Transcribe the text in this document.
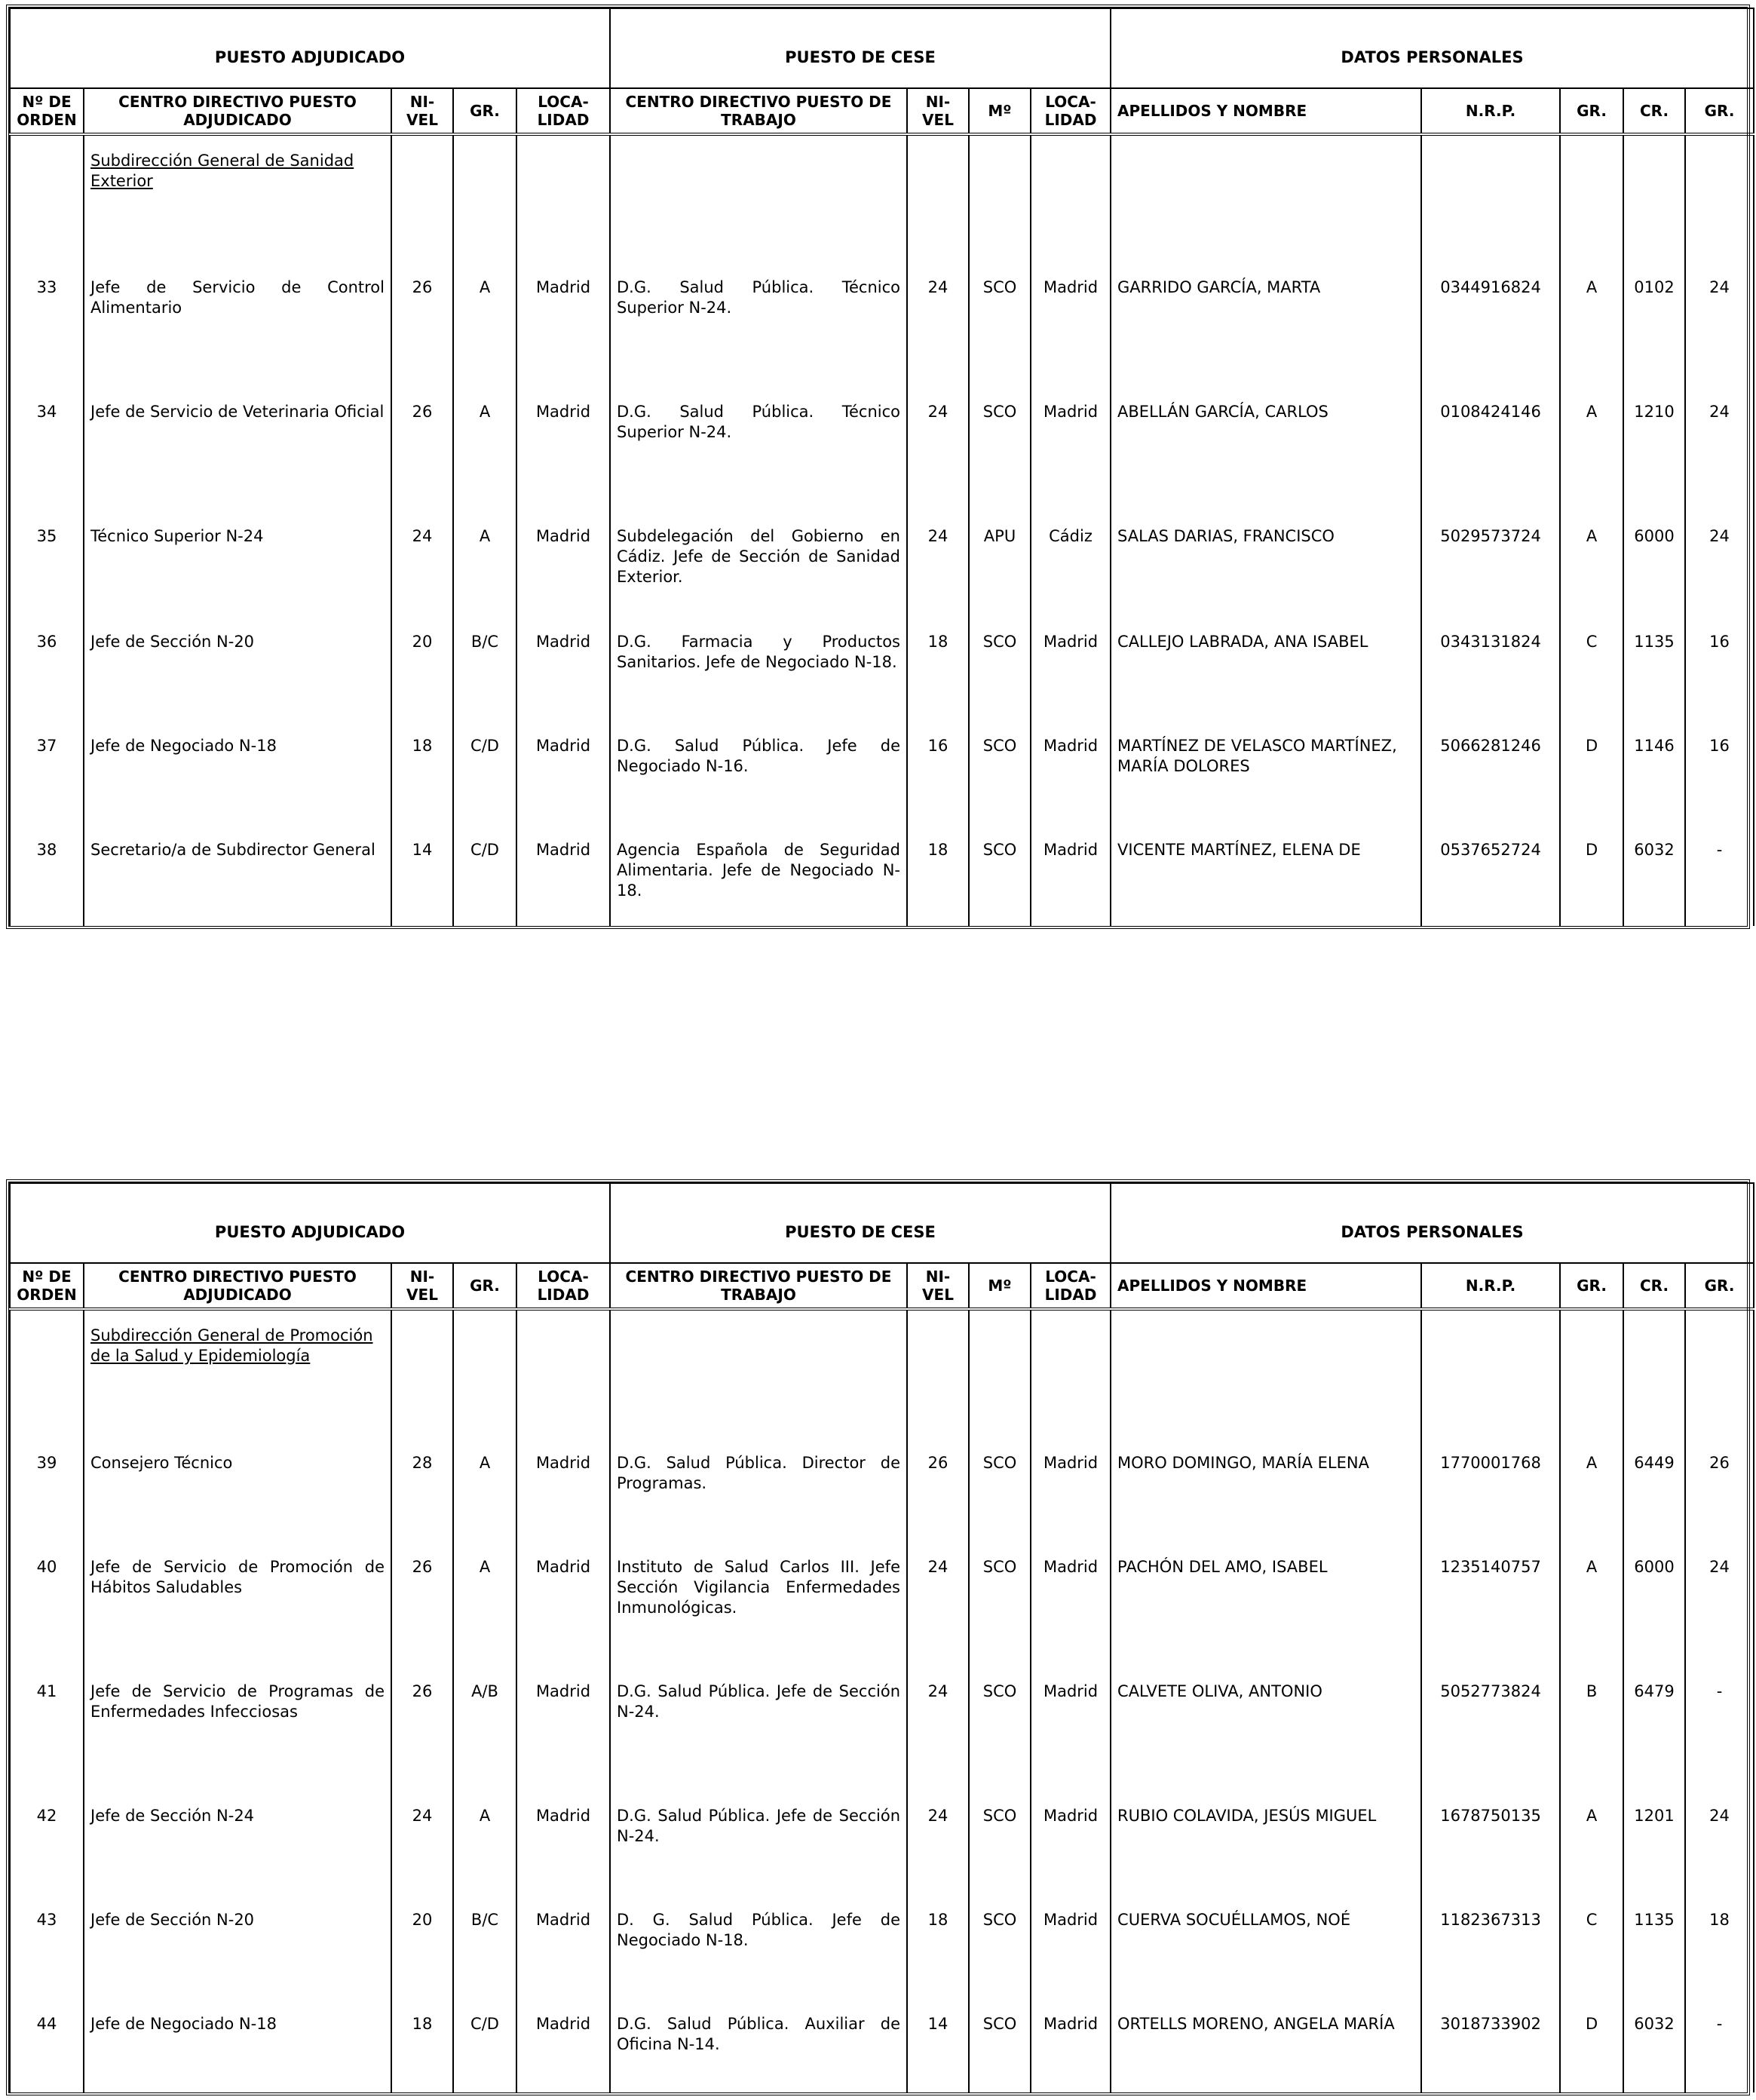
PUESTO ADJUDICADO					PUESTO DE CESE				DATOS PERSONALES				
Nº DE ORDEN	CENTRO DIRECTIVO PUESTO ADJUDICADO	NI- VEL	GR.	LOCA- LIDAD	CENTRO DIRECTIVO PUESTO DE TRABAJO	NI- VEL	Mº	LOCA- LIDAD	APELLIDOS Y NOMBRE	N.R.P.	GR.	CR.	GR.

	Subdirección General de Sanidad Exterior												

33	Jefe de Servicio de Control Alimentario	26	A	Madrid	D.G. Salud Pública. Técnico Superior N-24.	24	SCO	Madrid	GARRIDO GARCÍA, MARTA	0344916824	A	0102	24
34	Jefe de Servicio de Veterinaria Oficial	26	A	Madrid	D.G. Salud Pública. Técnico Superior N-24.	24	SCO	Madrid	ABELLÁN GARCÍA, CARLOS	0108424146	A	1210	24
35	Técnico Superior N-24	24	A	Madrid	Subdelegación del Gobierno en Cádiz. Jefe de Sección de Sanidad Exterior.	24	APU	Cádiz	SALAS DARIAS, FRANCISCO	5029573724	A	6000	24
36	Jefe de Sección N-20	20	B/C	Madrid	D.G. Farmacia y Productos Sanitarios. Jefe de Negociado N-18.	18	SCO	Madrid	CALLEJO LABRADA, ANA ISABEL	0343131824	C	1135	16
37	Jefe de Negociado N-18	18	C/D	Madrid	D.G. Salud Pública. Jefe de Negociado N-16.	16	SCO	Madrid	MARTÍNEZ DE VELASCO MARTÍNEZ, MARÍA DOLORES	5066281246	D	1146	16
38	Secretario/a de Subdirector General	14	C/D	Madrid	Agencia Española de Seguridad Alimentaria. Jefe de Negociado N-18.	18	SCO	Madrid	VICENTE MARTÍNEZ, ELENA DE	0537652724	D	6032	-

PUESTO ADJUDICADO					PUESTO DE CESE				DATOS PERSONALES				
Nº DE ORDEN	CENTRO DIRECTIVO PUESTO ADJUDICADO	NI- VEL	GR.	LOCA- LIDAD	CENTRO DIRECTIVO PUESTO DE TRABAJO	NI- VEL	Mº	LOCA- LIDAD	APELLIDOS Y NOMBRE	N.R.P.	GR.	CR.	GR.

	Subdirección General de Promoción de la Salud y Epidemiología												

39	Consejero Técnico	28	A	Madrid	D.G. Salud Pública. Director de Programas.	26	SCO	Madrid	MORO DOMINGO, MARÍA ELENA	1770001768	A	6449	26
40	Jefe de Servicio de Promoción de Hábitos Saludables	26	A	Madrid	Instituto de Salud Carlos III. Jefe Sección Vigilancia Enfermedades Inmunológicas.	24	SCO	Madrid	PACHÓN DEL AMO, ISABEL	1235140757	A	6000	24
41	Jefe de Servicio de Programas de Enfermedades Infecciosas	26	A/B	Madrid	D.G. Salud Pública. Jefe de Sección N-24.	24	SCO	Madrid	CALVETE OLIVA, ANTONIO	5052773824	B	6479	-
42	Jefe de Sección N-24	24	A	Madrid	D.G. Salud Pública. Jefe de Sección N-24.	24	SCO	Madrid	RUBIO COLAVIDA, JESÚS MIGUEL	1678750135	A	1201	24
43	Jefe de Sección N-20	20	B/C	Madrid	D. G. Salud Pública. Jefe de Negociado N-18.	18	SCO	Madrid	CUERVA SOCUÉLLAMOS, NOÉ	1182367313	C	1135	18
44	Jefe de Negociado N-18	18	C/D	Madrid	D.G. Salud Pública. Auxiliar de Oficina N-14.	14	SCO	Madrid	ORTELLS MORENO, ANGELA MARÍA	3018733902	D	6032	-
